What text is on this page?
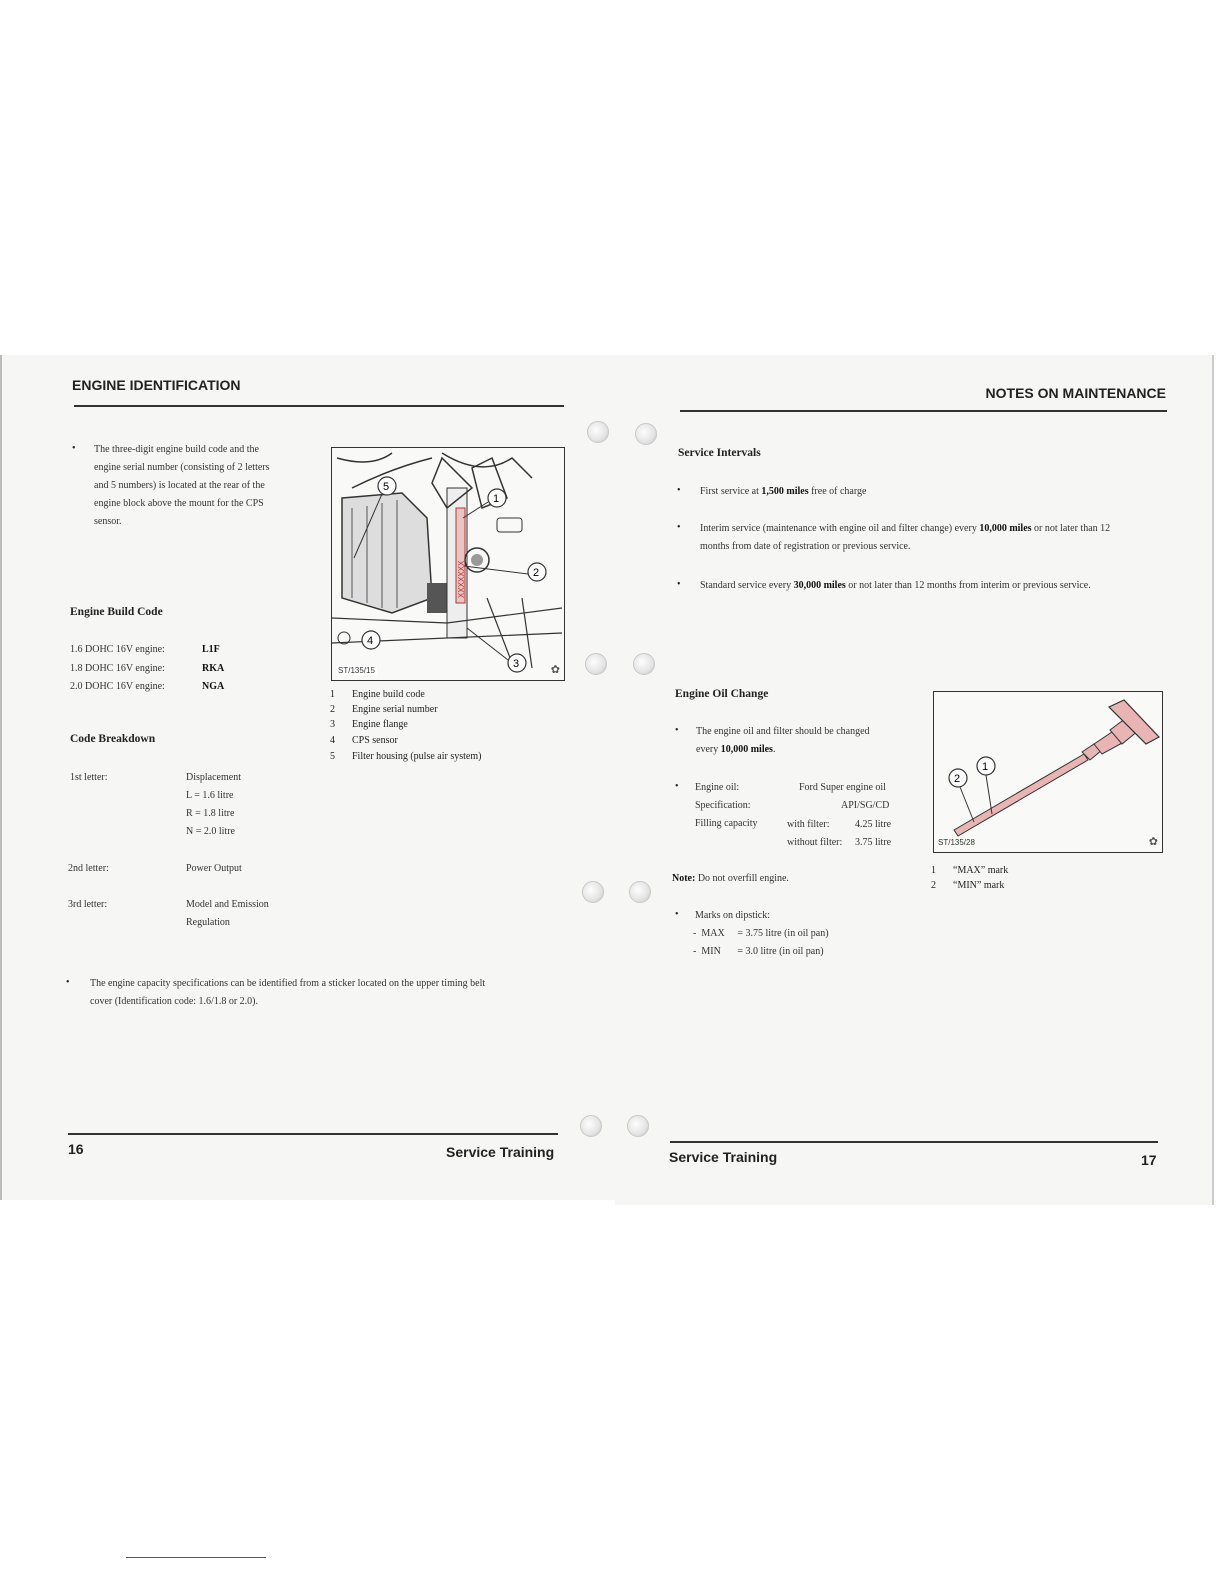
ENGINE IDENTIFICATION
• The three-digit engine build code and the
engine serial number (consisting of 2 letters
and 5 numbers) is located at the rear of the
engine block above the mount for the CPS
sensor.
Engine Build Code
1.6 DOHC 16V engine:	L1F
1.8 DOHC 16V engine:	RKA
2.0 DOHC 16V engine:	NGA
Code Breakdown
1st letter:	Displacement
L = 1.6 litre
R = 1.8 litre
N = 2.0 litre
2nd letter:	Power Output
3rd letter:	Model and Emission
Regulation
XXXXXXX
5
1
2
4
3
ST/135/15	✿
1 Engine build code
2 Engine serial number
3 Engine flange
4 CPS sensor
5 Filter housing (pulse air system)
• The engine capacity specifications can be identified from a sticker located on the upper timing belt
cover (Identification code: 1.6/1.8 or 2.0).
16	Service Training
NOTES ON MAINTENANCE
Service Intervals
• First service at 1,500 miles free of charge
• Interim service (maintenance with engine oil and filter change) every 10,000 miles or not later than 12
months from date of registration or previous service.
• Standard service every 30,000 miles or not later than 12 months from interim or previous service.
Engine Oil Change
• The engine oil and filter should be changed
every 10,000 miles.
• Engine oil:	Ford Super engine oil
Specification:	API/SG/CD
Filling capacity	with filter:	4.25 litre
without filter: 3.75 litre
Note: Do not overfill engine.
• Marks on dipstick:
- MAX = 3.75 litre (in oil pan)
- MIN = 3.0 litre (in oil pan)
1
2
ST/135/28	✿
1 “MAX” mark
2 “MIN” mark
Service Training	17
